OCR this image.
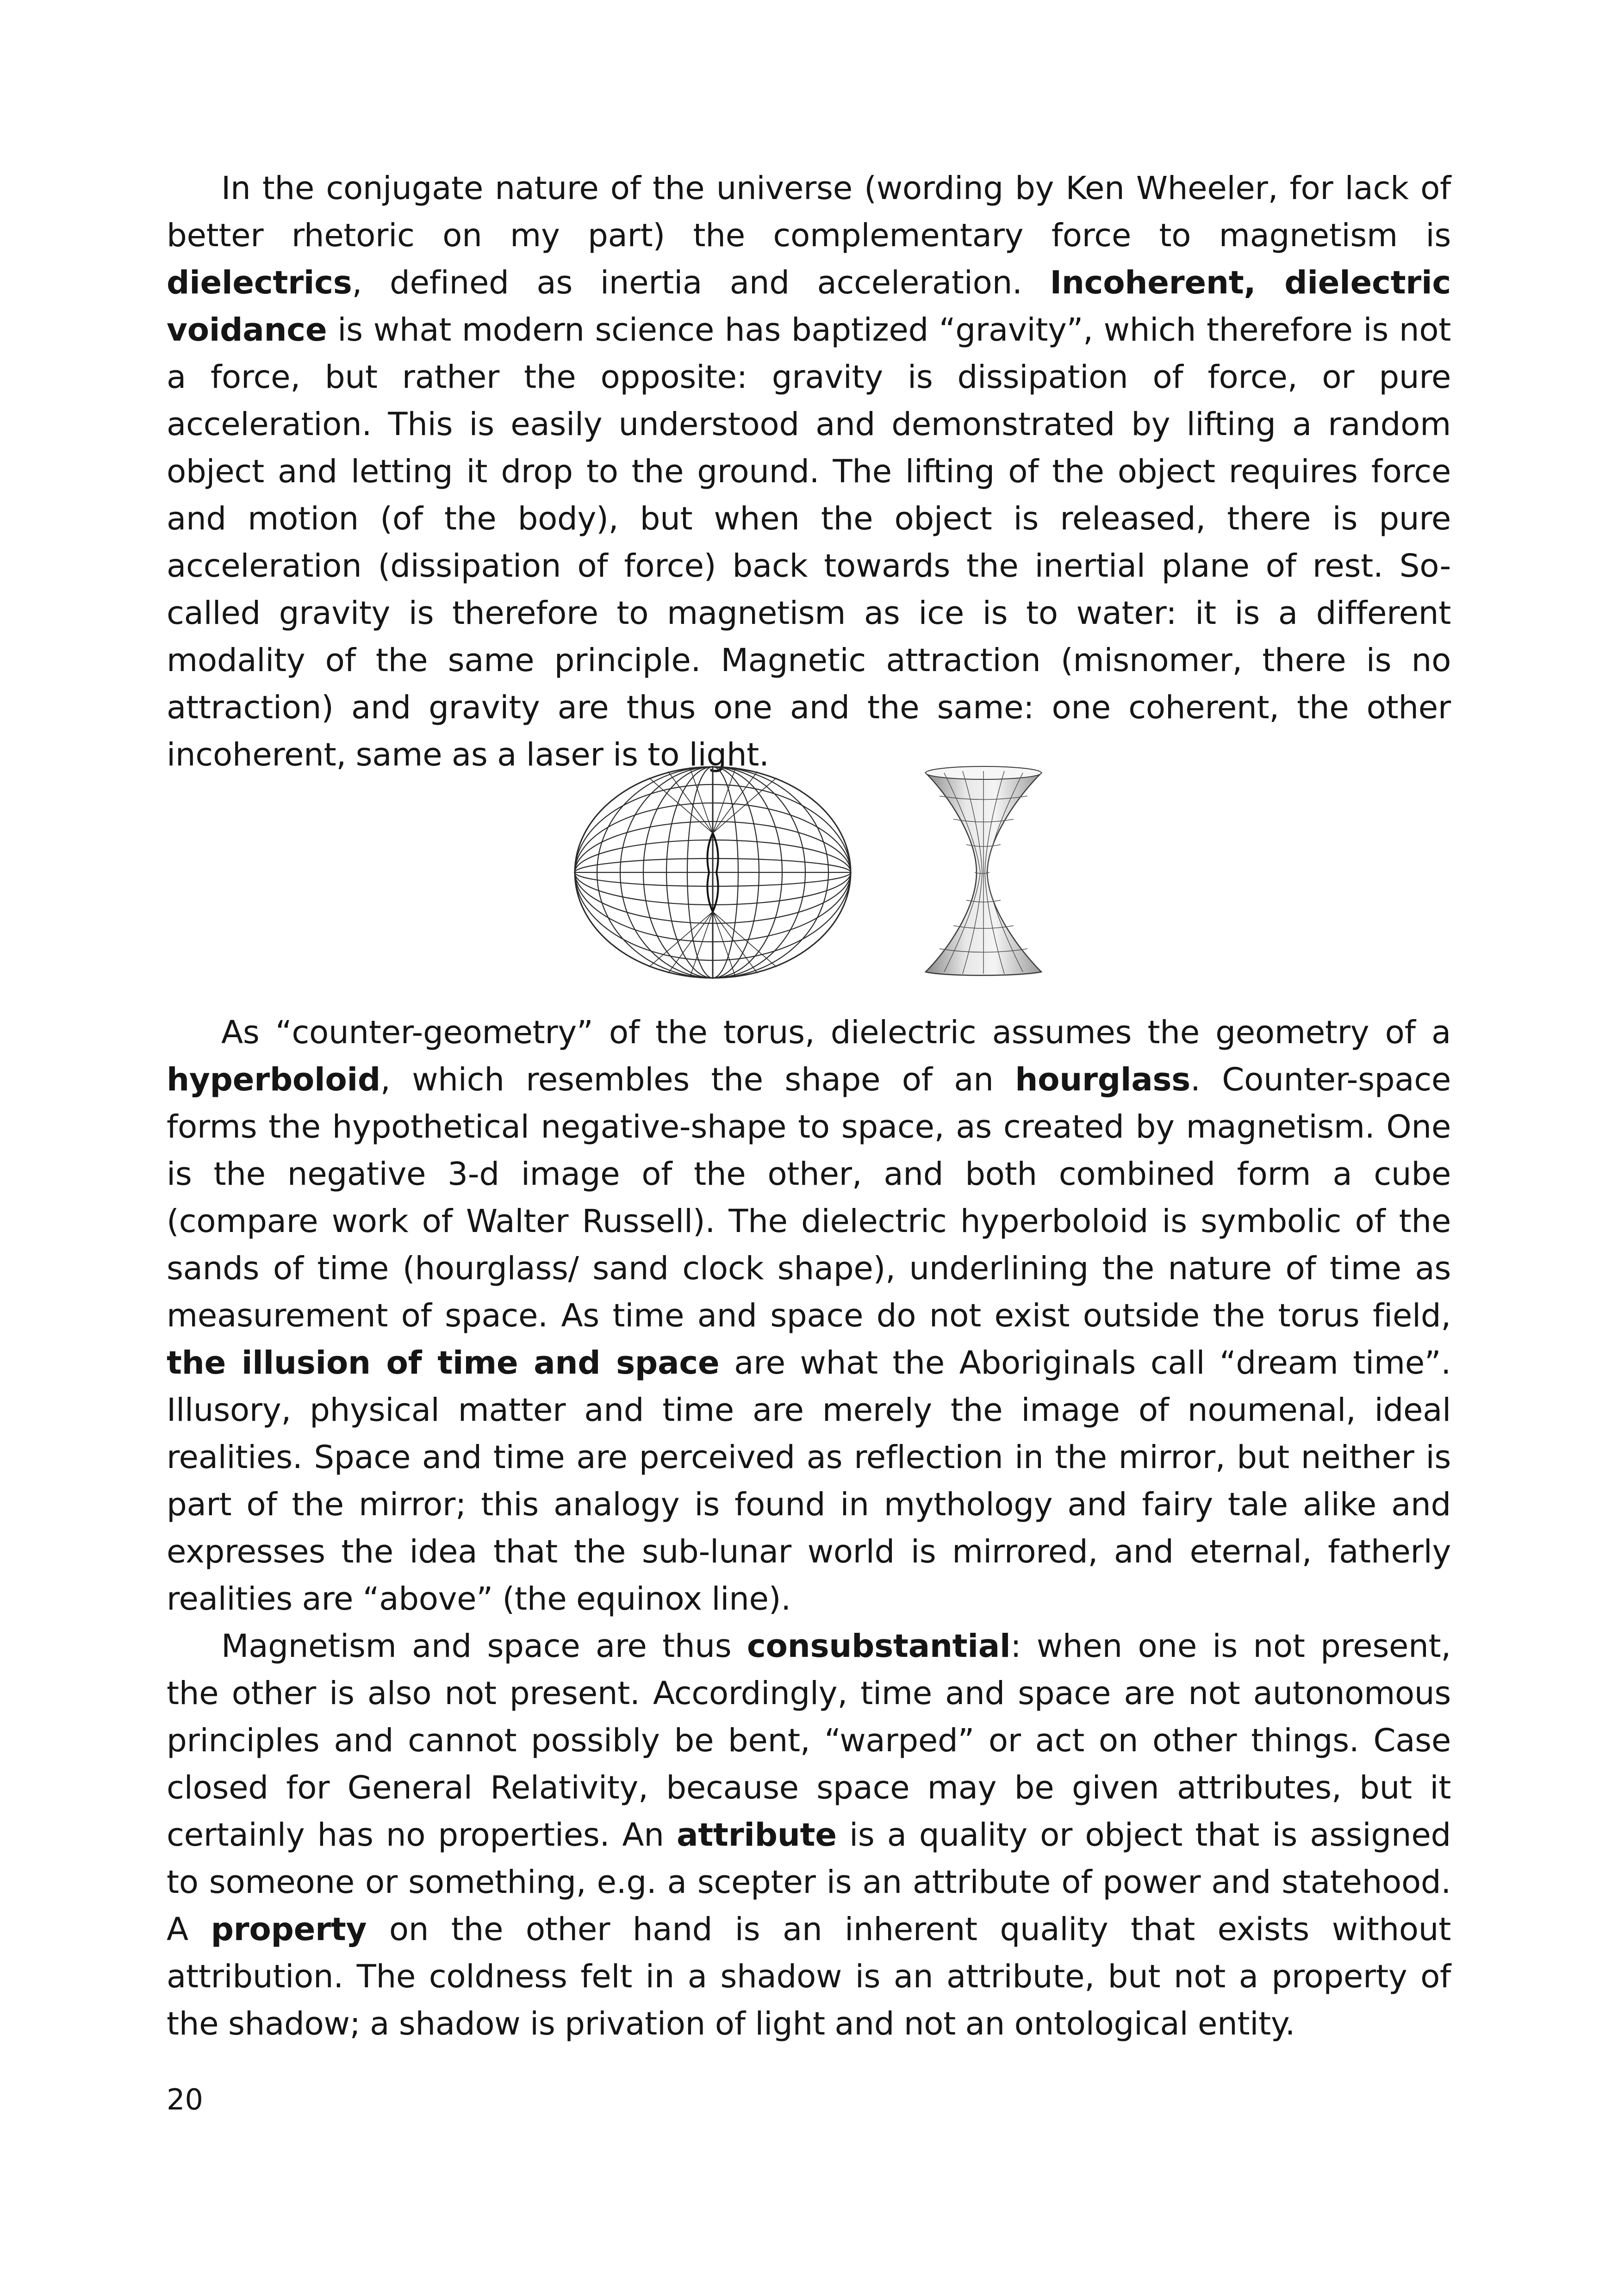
In the conjugate nature of the universe (wording by Ken Wheeler, for lack of better rhetoric on my part) the complementary force to magnetism is dielectrics, defined as inertia and acceleration. Incoherent, dielectric voidance is what modern science has baptized “gravity”, which therefore is not a force, but rather the opposite: gravity is dissipation of force, or pure acceleration. This is easily understood and demonstrated by lifting a random object and letting it drop to the ground. The lifting of the object requires force and motion (of the body), but when the object is released, there is pure acceleration (dissipation of force) back towards the inertial plane of rest. So-called gravity is therefore to magnetism as ice is to water: it is a different modality of the same principle. Magnetic attraction (misnomer, there is no attraction) and gravity are thus one and the same: one coherent, the other incoherent, same as a laser is to light.

As “counter-geometry” of the torus, dielectric assumes the geometry of a hyperboloid, which resembles the shape of an hourglass. Counter-space forms the hypothetical negative-shape to space, as created by magnetism. One is the negative 3-d image of the other, and both combined form a cube (compare work of Walter Russell). The dielectric hyperboloid is symbolic of the sands of time (hourglass/ sand clock shape), underlining the nature of time as measurement of space. As time and space do not exist outside the torus field, the illusion of time and space are what the Aboriginals call “dream time”. Illusory, physical matter and time are merely the image of noumenal, ideal realities. Space and time are perceived as reflection in the mirror, but neither is part of the mirror; this analogy is found in mythology and fairy tale alike and expresses the idea that the sub-lunar world is mirrored, and eternal, fatherly realities are “above” (the equinox line).

Magnetism and space are thus consubstantial: when one is not present, the other is also not present. Accordingly, time and space are not autonomous principles and cannot possibly be bent, “warped” or act on other things. Case closed for General Relativity, because space may be given attributes, but it certainly has no properties. An attribute is a quality or object that is assigned to someone or something, e.g. a scepter is an attribute of power and statehood. A property on the other hand is an inherent quality that exists without attribution. The coldness felt in a shadow is an attribute, but not a property of the shadow; a shadow is privation of light and not an ontological entity.

20
